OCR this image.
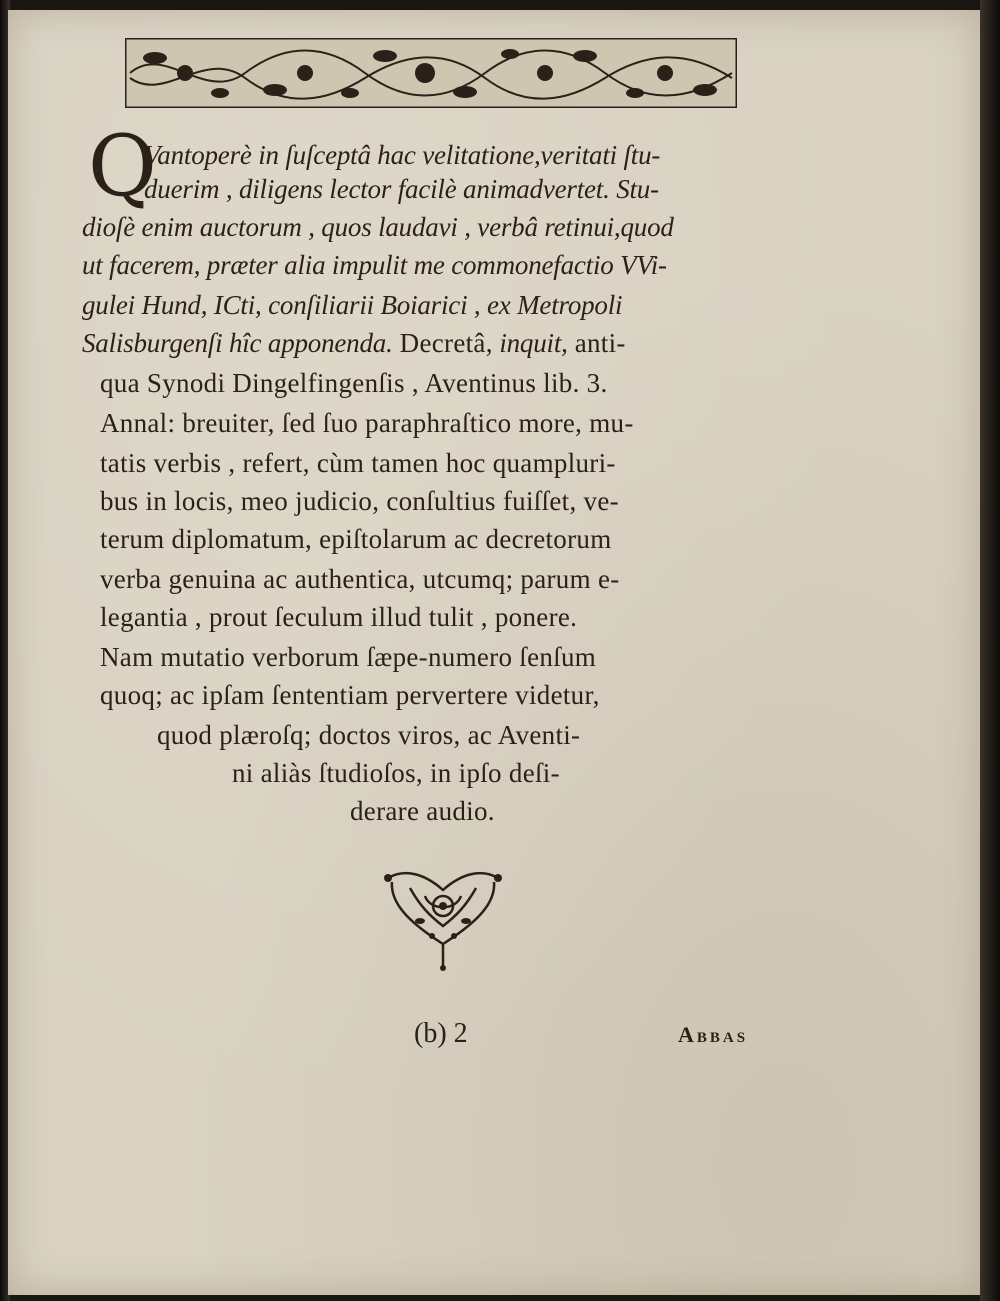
Q
Vantoperè in ſuſceptâ hac velitatione,veritati ſtu-
duerim , diligens lector facilè animadvertet. Stu-
dioſè enim auctorum , quos laudavi , verbâ retinui,quod
ut facerem, præter alia impulit me commonefactio VVi-
gulei Hund, ICti, conſiliarii Boiarici , ex Metropoli
Salisburgenſi hîc apponenda. Decretâ, inquit, anti-
qua Synodi Dingelfingenſis , Aventinus lib. 3.
Annal: breuiter, ſed ſuo paraphraſtico more, mu-
tatis verbis , refert, cùm tamen hoc quampluri-
bus in locis, meo judicio, conſultius fuiſſet, ve-
terum diplomatum, epiſtolarum ac decretorum
verba genuina ac authentica, utcumq; parum e-
legantia , prout ſeculum illud tulit , ponere.
Nam mutatio verborum ſæpe-numero ſenſum
quoq; ac ipſam ſententiam pervertere videtur,
quod plæroſq; doctos viros, ac Aventi-
ni aliàs ſtudioſos, in ipſo deſi-
derare audio.
(b) 2	Abbas
